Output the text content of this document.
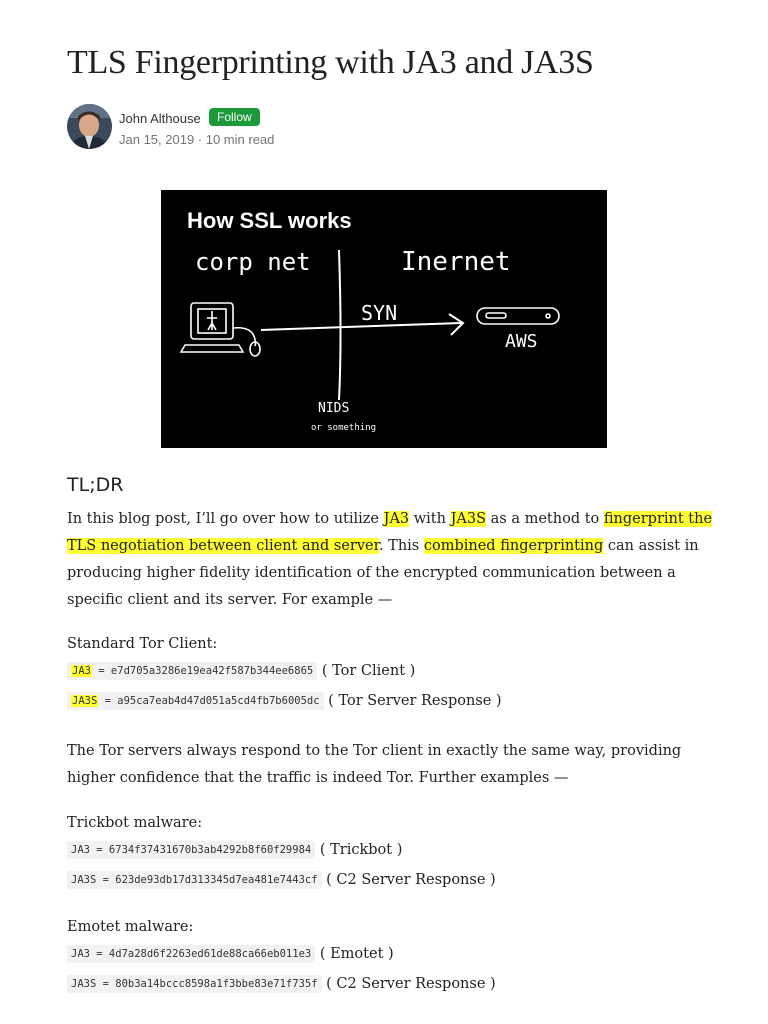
TLS Fingerprinting with JA3 and JA3S
John Althouse	Follow
Jan 15, 2019 · 10 min read
How SSL works
corp net	Inernet
SYN
AWS
NIDS
or something
TL;DR

In this blog post, I’ll go over how to utilize JA3 with JA3S as a method to fingerprint the TLS negotiation between client and server. This combined fingerprinting can assist in producing higher fidelity identification of the encrypted communication between a specific client and its server. For example —

Standard Tor Client:
JA3 = e7d705a3286e19ea42f587b344ee6865 ( Tor Client )
JA3S = a95ca7eab4d47d051a5cd4fb7b6005dc ( Tor Server Response )

The Tor servers always respond to the Tor client in exactly the same way, providing higher confidence that the traffic is indeed Tor. Further examples —

Trickbot malware:
JA3 = 6734f37431670b3ab4292b8f60f29984 ( Trickbot )
JA3S = 623de93db17d313345d7ea481e7443cf ( C2 Server Response )
Emotet malware:
JA3 = 4d7a28d6f2263ed61de88ca66eb011e3 ( Emotet )
JA3S = 80b3a14bccc8598a1f3bbe83e71f735f ( C2 Server Response )
